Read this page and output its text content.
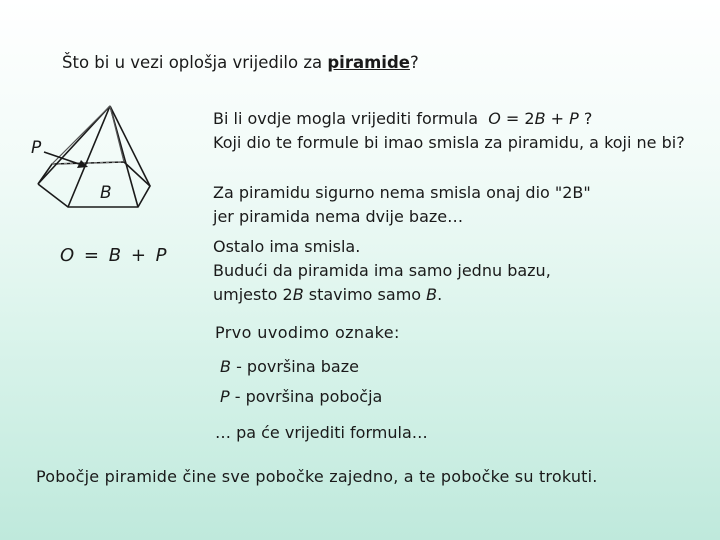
Što bi u vezi oplošja vrijedilo za piramide?
P
B
O = B + P
Bi li ovdje mogla vrijediti formula O = 2B + P ?
Koji dio te formule bi imao smisla za piramidu, a koji ne bi?
Za piramidu sigurno nema smisla onaj dio "2B"
jer piramida nema dvije baze…
Ostalo ima smisla.
Budući da piramida ima samo jednu bazu,
umjesto 2B stavimo samo B.
Prvo uvodimo oznake:
B - površina baze
P - površina pobočja
… pa će vrijediti formula…
Pobočje piramide čine sve pobočke zajedno, a te pobočke su trokuti.
